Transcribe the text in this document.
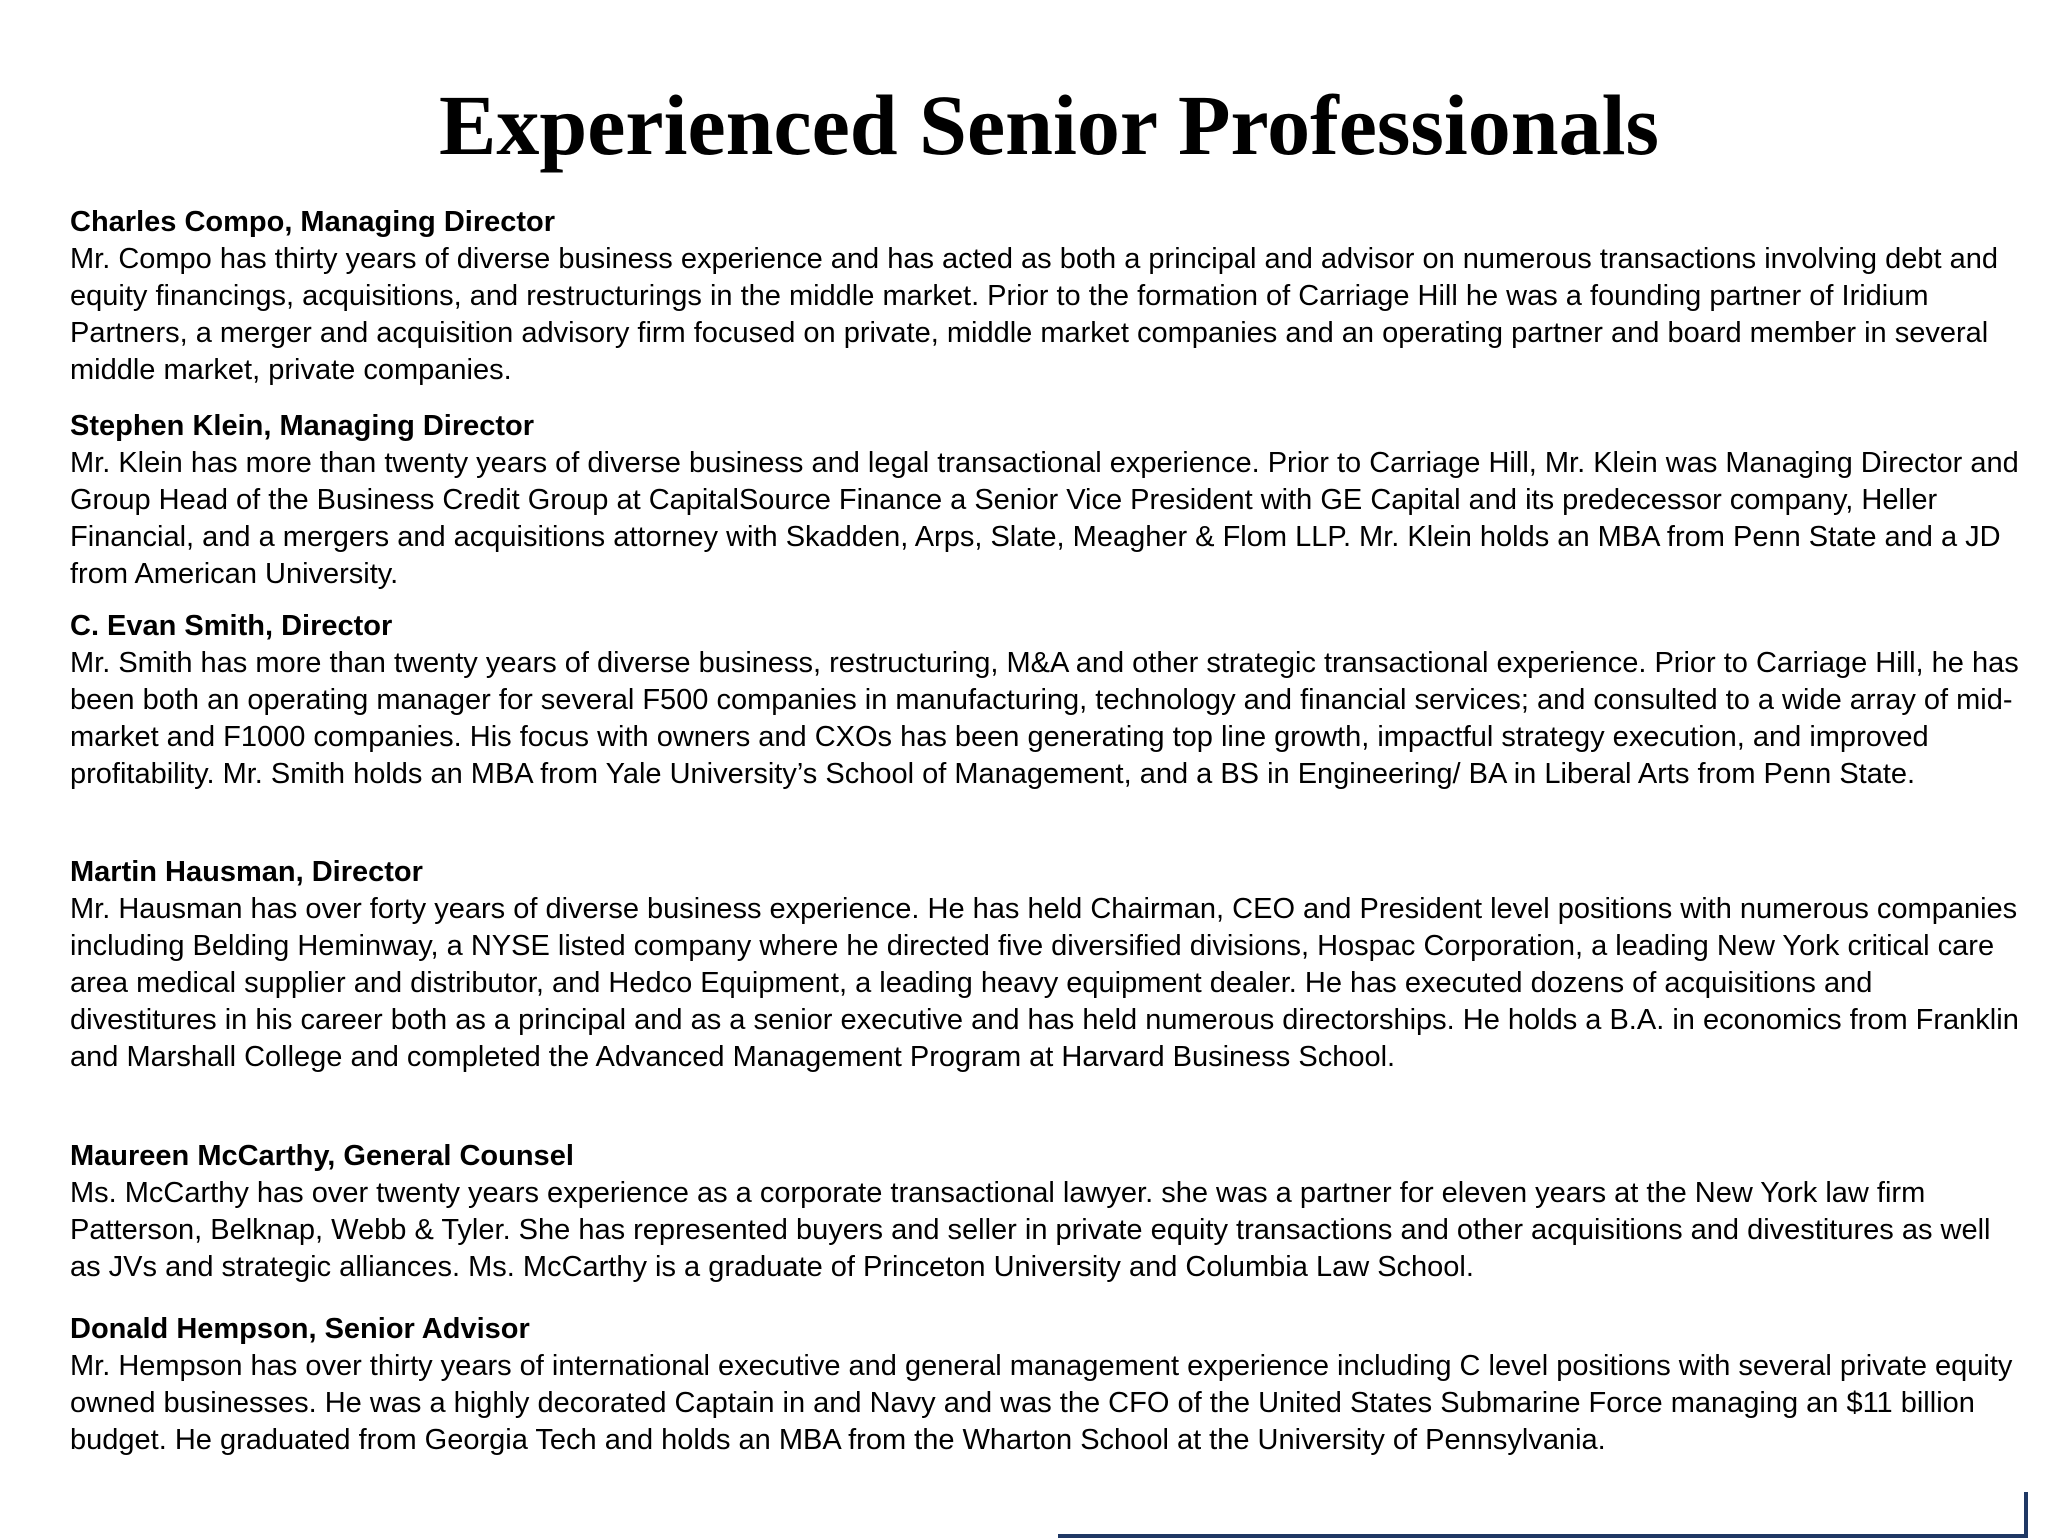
Experienced Senior Professionals

Charles Compo, Managing Director

Mr. Compo has thirty years of diverse business experience and has acted as both a principal and advisor on numerous transactions involving debt and equity financings, acquisitions, and restructurings in the middle market. Prior to the formation of Carriage Hill he was a founding partner of Iridium Partners, a merger and acquisition advisory firm focused on private, middle market companies and an operating partner and board member in several middle market, private companies.

Stephen Klein, Managing Director

Mr. Klein has more than twenty years of diverse business and legal transactional experience. Prior to Carriage Hill, Mr. Klein was Managing Director and Group Head of the Business Credit Group at CapitalSource Finance a Senior Vice President with GE Capital and its predecessor company, Heller Financial, and a mergers and acquisitions attorney with Skadden, Arps, Slate, Meagher & Flom LLP. Mr. Klein holds an MBA from Penn State and a JD from American University.

C. Evan Smith, Director

Mr. Smith has more than twenty years of diverse business, restructuring, M&A and other strategic transactional experience. Prior to Carriage Hill, he has been both an operating manager for several F500 companies in manufacturing, technology and financial services; and consulted to a wide array of mid-market and F1000 companies. His focus with owners and CXOs has been generating top line growth, impactful strategy execution, and improved profitability. Mr. Smith holds an MBA from Yale University’s School of Management, and a BS in Engineering/ BA in Liberal Arts from Penn State.

Martin Hausman, Director

Mr. Hausman has over forty years of diverse business experience. He has held Chairman, CEO and President level positions with numerous companies including Belding Heminway, a NYSE listed company where he directed five diversified divisions, Hospac Corporation, a leading New York critical care area medical supplier and distributor, and Hedco Equipment, a leading heavy equipment dealer. He has executed dozens of acquisitions and divestitures in his career both as a principal and as a senior executive and has held numerous directorships. He holds a B.A. in economics from Franklin and Marshall College and completed the Advanced Management Program at Harvard Business School.

Maureen McCarthy, General Counsel

Ms. McCarthy has over twenty years experience as a corporate transactional lawyer. she was a partner for eleven years at the New York law firm Patterson, Belknap, Webb & Tyler. She has represented buyers and seller in private equity transactions and other acquisitions and divestitures as well as JVs and strategic alliances. Ms. McCarthy is a graduate of Princeton University and Columbia Law School.

Donald Hempson, Senior Advisor

Mr. Hempson has over thirty years of international executive and general management experience including C level positions with several private equity owned businesses. He was a highly decorated Captain in and Navy and was the CFO of the United States Submarine Force managing an $11 billion budget. He graduated from Georgia Tech and holds an MBA from the Wharton School at the University of Pennsylvania.
